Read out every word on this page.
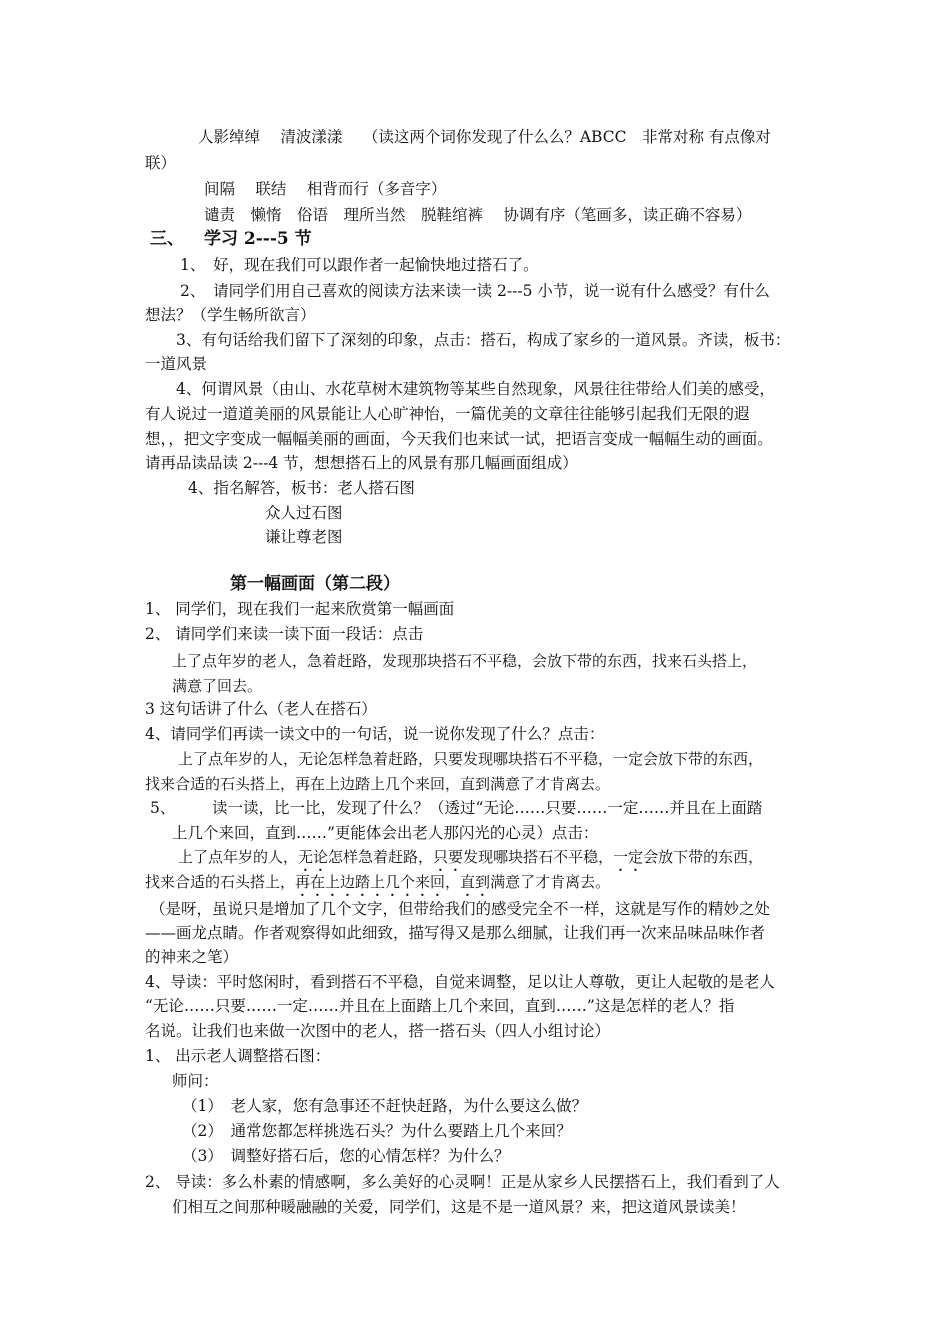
人影绰绰　 清波漾漾　 （读这两个词你发现了什么么？ABCC　非常对称 有点像对
联）
间隔　 联结　 相背而行（多音字）
谴责　懒惰　俗语　理所当然　脱鞋绾裤　 协调有序（笔画多，读正确不容易）
三、 学习 2---5 节
1、　好，现在我们可以跟作者一起愉快地过搭石了。
2、　请同学们用自己喜欢的阅读方法来读一读 2---5 小节，说一说有什么感受？有什么
想法？（学生畅所欲言）
3、有句话给我们留下了深刻的印象，点击：搭石，构成了家乡的一道风景。齐读，板书：
一道风景
4、何谓风景（由山、水花草树木建筑物等某些自然现象，风景往往带给人们美的感受，
有人说过一道道美丽的风景能让人心旷神怡，一篇优美的文章往往能够引起我们无限的遐
想，，把文字变成一幅幅美丽的画面，今天我们也来试一试，把语言变成一幅幅生动的画面。
请再品读品读 2---4 节，想想搭石上的风景有那几幅画面组成）
4、指名解答，板书：老人搭石图
众人过石图
谦让尊老图
第一幅画面（第二段）
1、 同学们，现在我们一起来欣赏第一幅画面
2、 请同学们来读一读下面一段话：点击
上了点年岁的老人，急着赶路，发现那块搭石不平稳，会放下带的东西，找来石头搭上，
满意了回去。
3 这句话讲了什么（老人在搭石）
4、请同学们再读一读文中的一句话，说一说你发现了什么？点击：
上了点年岁的人，无论怎样急着赶路，只要发现哪块搭石不平稳，一定会放下带的东西，
找来合适的石头搭上，再在上边踏上几个来回，直到满意了才肯离去。
5、 读一读，比一比，发现了什么？（透过“无论……只要……一定……并且在上面踏
上几个来回，直到……”更能体会出老人那闪光的心灵）点击：
上了点年岁的人，无论怎样急着赶路，只要发现哪块搭石不平稳，一定会放下带的东西，
找来合适的石头搭上，再在上边踏上几个来回，直到满意了才肯离去。
（是呀，虽说只是增加了几个文字，但带给我们的感受完全不一样，这就是写作的精妙之处
——画龙点睛。作者观察得如此细致，描写得又是那么细腻，让我们再一次来品味品味作者
的神来之笔）
4、导读：平时悠闲时，看到搭石不平稳，自觉来调整，足以让人尊敬，更让人起敬的是老人
“无论……只要……一定……并且在上面踏上几个来回，直到……”这是怎样的老人？指
名说。让我们也来做一次图中的老人，搭一搭石头（四人小组讨论）
1、 出示老人调整搭石图：
师问：
（1）　老人家，您有急事还不赶快赶路，为什么要这么做？
（2）　通常您都怎样挑选石头？为什么要踏上几个来回？
（3）　调整好搭石后，您的心情怎样？为什么？
2、 导读：多么朴素的情感啊，多么美好的心灵啊！正是从家乡人民摆搭石上，我们看到了人
们相互之间那种暖融融的关爱，同学们，这是不是一道风景？来，把这道风景读美！
